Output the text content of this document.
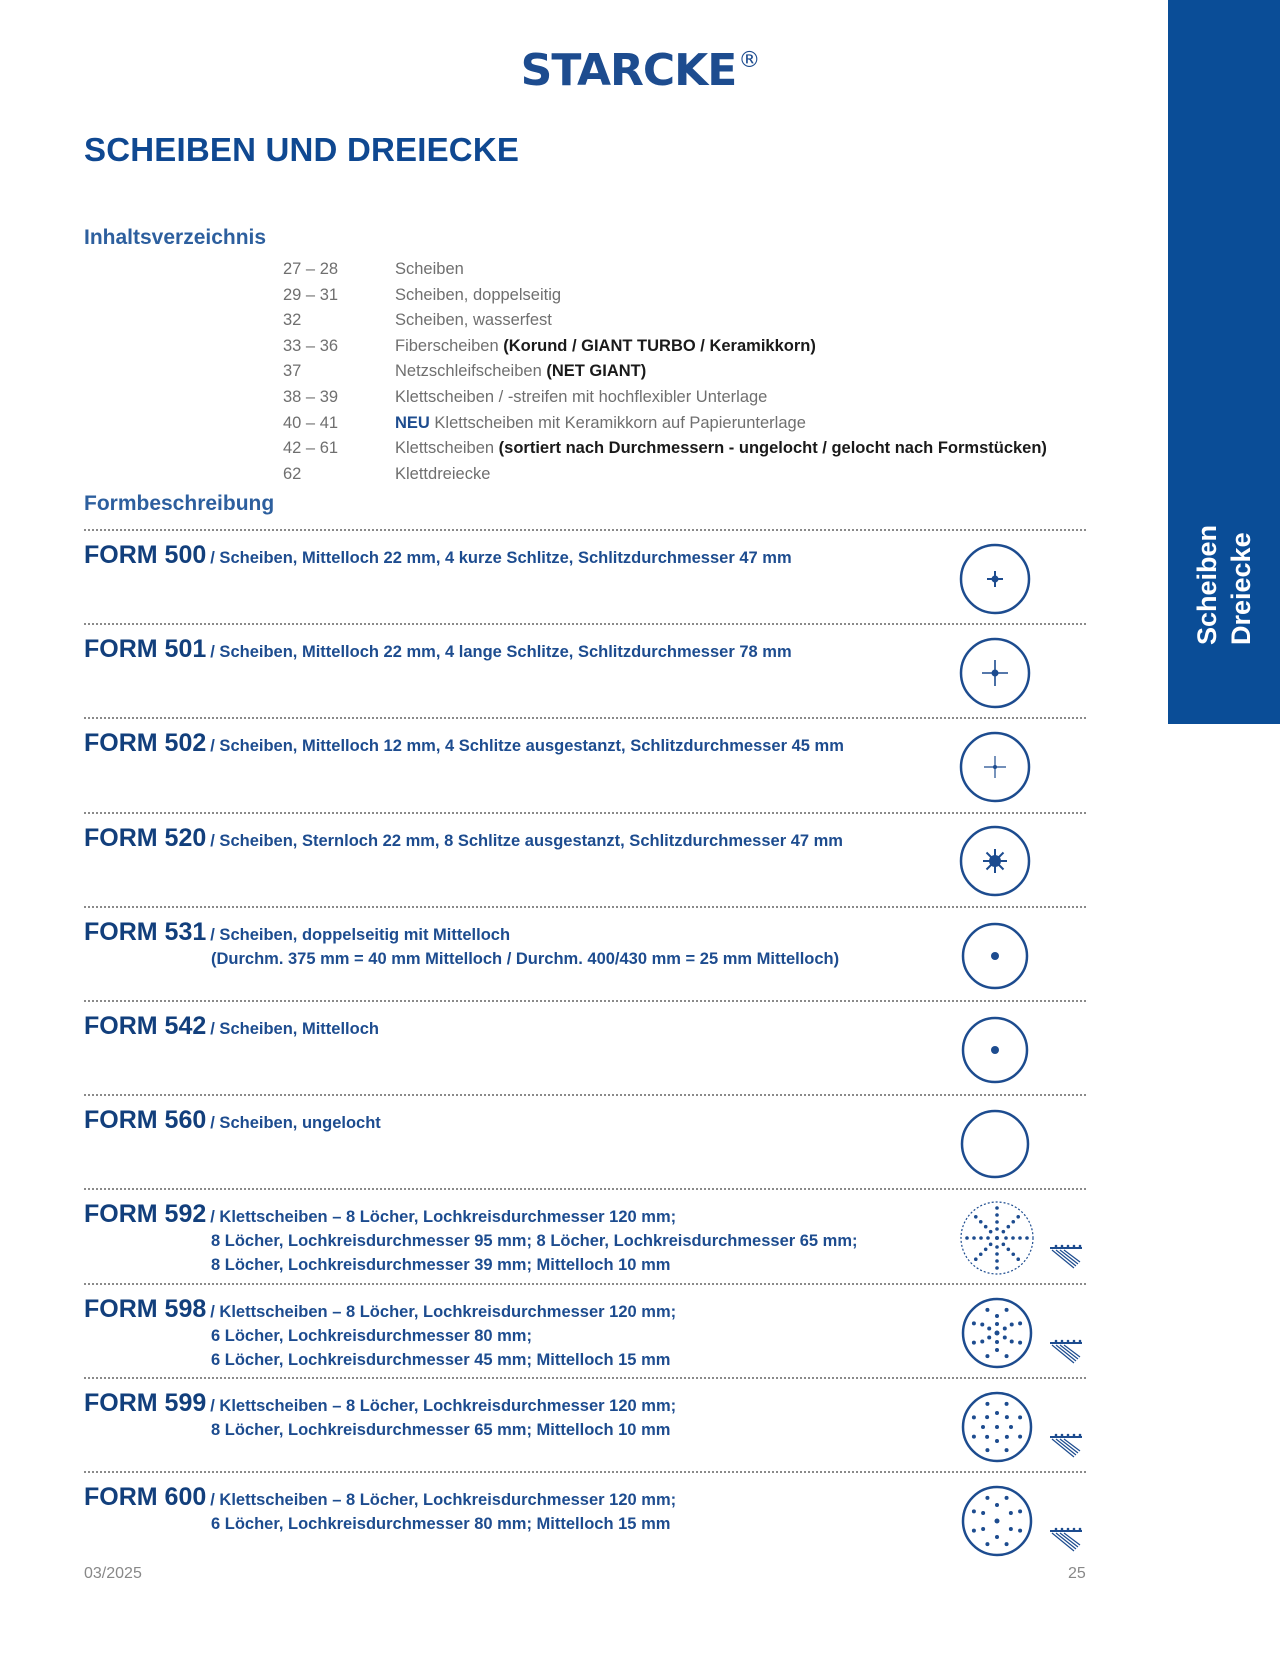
STARCKE®
Scheiben Dreiecke
SCHEIBEN UND DREIECKE
Inhaltsverzeichnis
27 – 28	Scheiben
29 – 31	Scheiben, doppelseitig
32	Scheiben, wasserfest
33 – 36	Fiberscheiben (Korund / GIANT TURBO / Keramikkorn)
37	Netzschleifscheiben (NET GIANT)
38 – 39	Klettscheiben / -streifen mit hochflexibler Unterlage
40 – 41	NEU Klettscheiben mit Keramikkorn auf Papierunterlage
42 – 61	Klettscheiben (sortiert nach Durchmessern - ungelocht / gelocht nach Formstücken)
62	Klettdreiecke
Formbeschreibung
FORM 500 / Scheiben, Mittelloch 22 mm, 4 kurze Schlitze, Schlitzdurchmesser 47 mm
FORM 501 / Scheiben, Mittelloch 22 mm, 4 lange Schlitze, Schlitzdurchmesser 78 mm
FORM 502 / Scheiben, Mittelloch 12 mm, 4 Schlitze ausgestanzt, Schlitzdurchmesser 45 mm
FORM 520 / Scheiben, Sternloch 22 mm, 8 Schlitze ausgestanzt, Schlitzdurchmesser 47 mm
FORM 531 / Scheiben, doppelseitig mit Mittelloch
(Durchm. 375 mm = 40 mm Mittelloch / Durchm. 400/430 mm = 25 mm Mittelloch)
FORM 542 / Scheiben, Mittelloch
FORM 560 / Scheiben, ungelocht
FORM 592 / Klettscheiben – 8 Löcher, Lochkreisdurchmesser 120 mm;
8 Löcher, Lochkreisdurchmesser 95 mm; 8 Löcher, Lochkreisdurchmesser 65 mm;
8 Löcher, Lochkreisdurchmesser 39 mm; Mittelloch 10 mm
FORM 598 / Klettscheiben – 8 Löcher, Lochkreisdurchmesser 120 mm;
6 Löcher, Lochkreisdurchmesser 80 mm;
6 Löcher, Lochkreisdurchmesser 45 mm; Mittelloch 15 mm
FORM 599 / Klettscheiben – 8 Löcher, Lochkreisdurchmesser 120 mm;
8 Löcher, Lochkreisdurchmesser 65 mm; Mittelloch 10 mm
FORM 600 / Klettscheiben – 8 Löcher, Lochkreisdurchmesser 120 mm;
6 Löcher, Lochkreisdurchmesser 80 mm; Mittelloch 15 mm
03/2025	25
